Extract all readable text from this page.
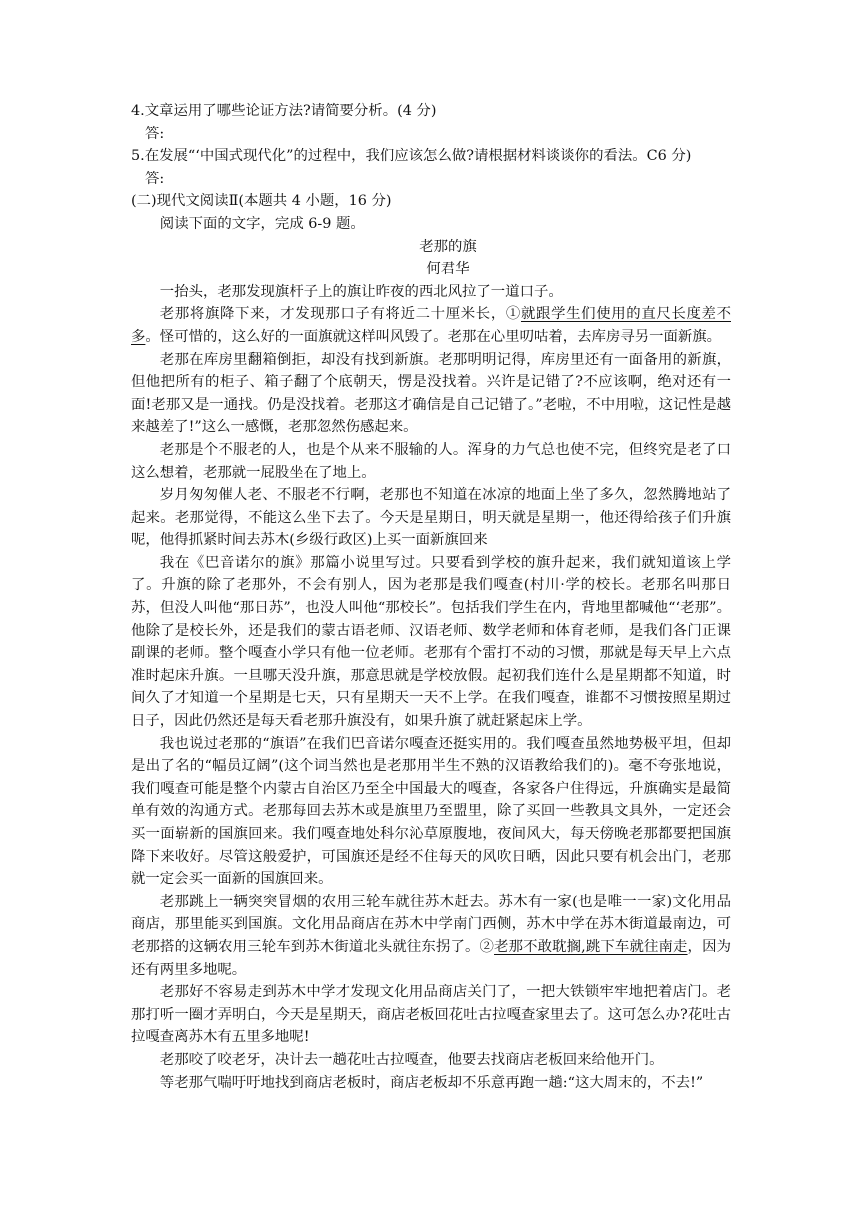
4.文章运用了哪些论证方法?请简要分析。(4 分)

答:

5.在发展“‘中国式现代化”的过程中，我们应该怎么做?请根据材料谈谈你的看法。C6 分)

答:

(二)现代文阅读Ⅱ(本题共 4 小题，16 分)

阅读下面的文字，完成 6-9 题。

老那的旗

何君华

一抬头，老那发现旗杆子上的旗让昨夜的西北风拉了一道口子。

老那将旗降下来，才发现那口子有将近二十厘米长，①就跟学生们使用的直尺长度差不多。怪可惜的，这么好的一面旗就这样叫风毁了。老那在心里叨咕着，去库房寻另一面新旗。

老那在库房里翻箱倒拒，却没有找到新旗。老那明明记得，库房里还有一面备用的新旗，但他把所有的柜子、箱子翻了个底朝天，愣是没找着。兴许是记错了?不应该啊，绝对还有一面!老那又是一通找。仍是没找着。老那这才确信是自己记错了。”老啦，不中用啦，这记性是越来越差了!”这么一感慨，老那忽然伤感起来。

老那是个不服老的人，也是个从来不服输的人。浑身的力气总也使不完，但终究是老了口这么想着，老那就一屁股坐在了地上。

岁月匆匆催人老、不服老不行啊，老那也不知道在冰凉的地面上坐了多久，忽然腾地站了起来。老那觉得，不能这么坐下去了。今天是星期日，明天就是星期一，他还得给孩子们升旗呢，他得抓紧时间去苏木(乡级行政区)上买一面新旗回来

我在《巴音诺尔的旗》那篇小说里写过。只要看到学校的旗升起来，我们就知道该上学了。升旗的除了老那外，不会有别人，因为老那是我们嘎查(村川·学的校长。老那名叫那日苏，但没人叫他“那日苏”，也没人叫他“那校长”。包括我们学生在内，背地里都喊他“‘老那”。他除了是校长外，还是我们的蒙古语老师、汉语老师、数学老师和体育老师，是我们各门正课副课的老师。整个嘎查小学只有他一位老师。老那有个雷打不动的习惯，那就是每天早上六点准时起床升旗。一旦哪天没升旗，那意思就是学校放假。起初我们连什么是星期都不知道，时间久了才知道一个星期是七天，只有星期天一天不上学。在我们嘎查，谁都不习惯按照星期过日子，因此仍然还是每天看老那升旗没有，如果升旗了就赶紧起床上学。

我也说过老那的“旗语”在我们巴音诺尔嘎查还挺实用的。我们嘎查虽然地势极平坦，但却是出了名的“幅员辽阔”(这个词当然也是老那用半生不熟的汉语教给我们的)。毫不夸张地说，我们嘎查可能是整个内蒙古自治区乃至全中国最大的嘎查，各家各户住得远，升旗确实是最简单有效的沟通方式。老那每回去苏木或是旗里乃至盟里，除了买回一些教具文具外，一定还会买一面崭新的国旗回来。我们嘎查地处科尔沁草原腹地，夜间风大，每天傍晚老那都要把国旗降下来收好。尽管这般爱护，可国旗还是经不住每天的风吹日晒，因此只要有机会出门，老那就一定会买一面新的国旗回来。

老那跳上一辆突突冒烟的农用三轮车就往苏木赶去。苏木有一家(也是唯一一家)文化用品商店，那里能买到国旗。文化用品商店在苏木中学南门西侧，苏木中学在苏木街道最南边，可老那搭的这辆农用三轮车到苏木街道北头就往东拐了。②老那不敢耽搁,跳下车就往南走，因为还有两里多地呢。

老那好不容易走到苏木中学才发现文化用品商店关门了，一把大铁锁牢牢地把着店门。老那打听一圈才弄明白，今天是星期天，商店老板回花吐古拉嘎查家里去了。这可怎么办?花吐古拉嘎查离苏木有五里多地呢!

老那咬了咬老牙，决计去一趟花吐古拉嘎查，他要去找商店老板回来给他开门。

等老那气喘吁吁地找到商店老板时，商店老板却不乐意再跑一趟:“这大周末的，不去!”
